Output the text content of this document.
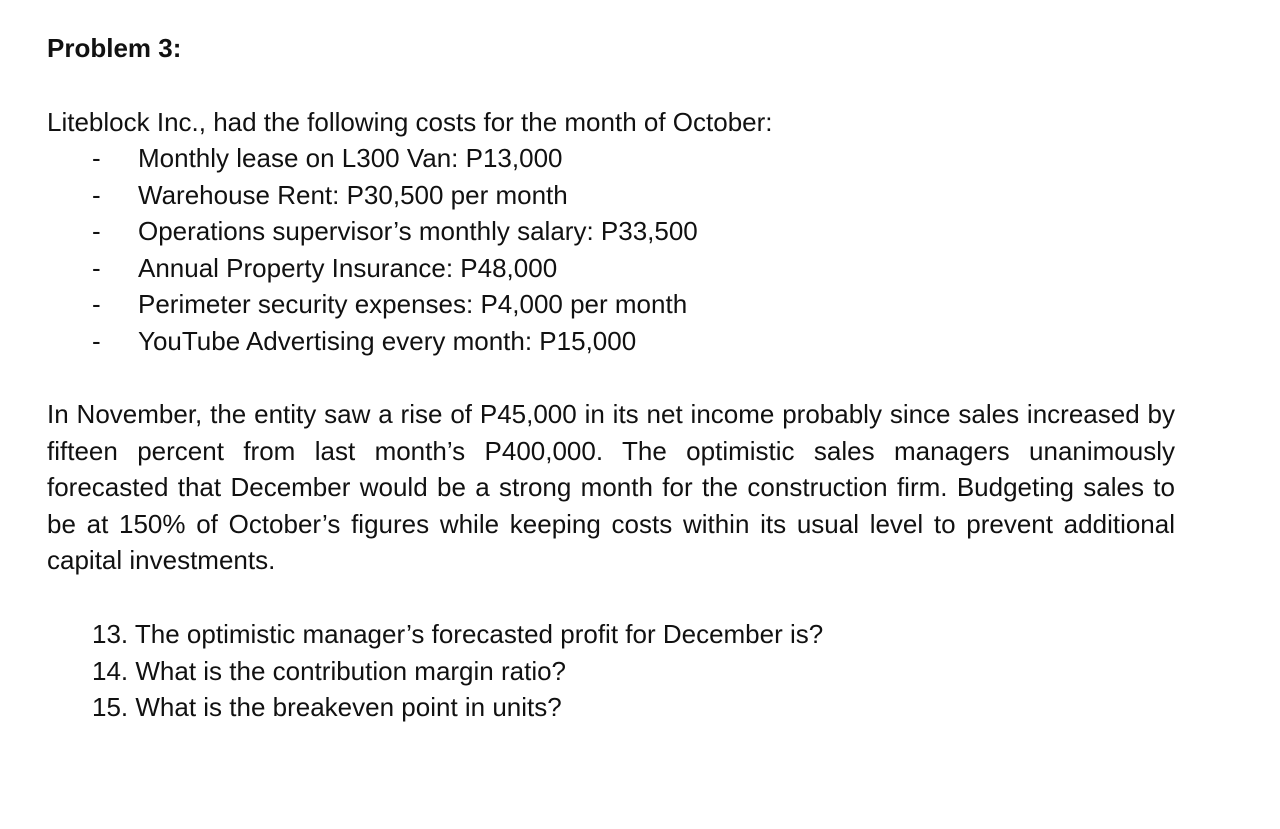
Problem 3:

Liteblock Inc., had the following costs for the month of October:

- Monthly lease on L300 Van: P13,000
- Warehouse Rent: P30,500 per month
- Operations supervisor’s monthly salary: P33,500
- Annual Property Insurance: P48,000
- Perimeter security expenses: P4,000 per month
- YouTube Advertising every month: P15,000

In November, the entity saw a rise of P45,000 in its net income probably since sales increased by fifteen percent from last month’s P400,000. The optimistic sales managers unanimously forecasted that December would be a strong month for the construction firm. Budgeting sales to be at 150% of October’s figures while keeping costs within its usual level to prevent additional capital investments.

13. The optimistic manager’s forecasted profit for December is?
14. What is the contribution margin ratio?
15. What is the breakeven point in units?
